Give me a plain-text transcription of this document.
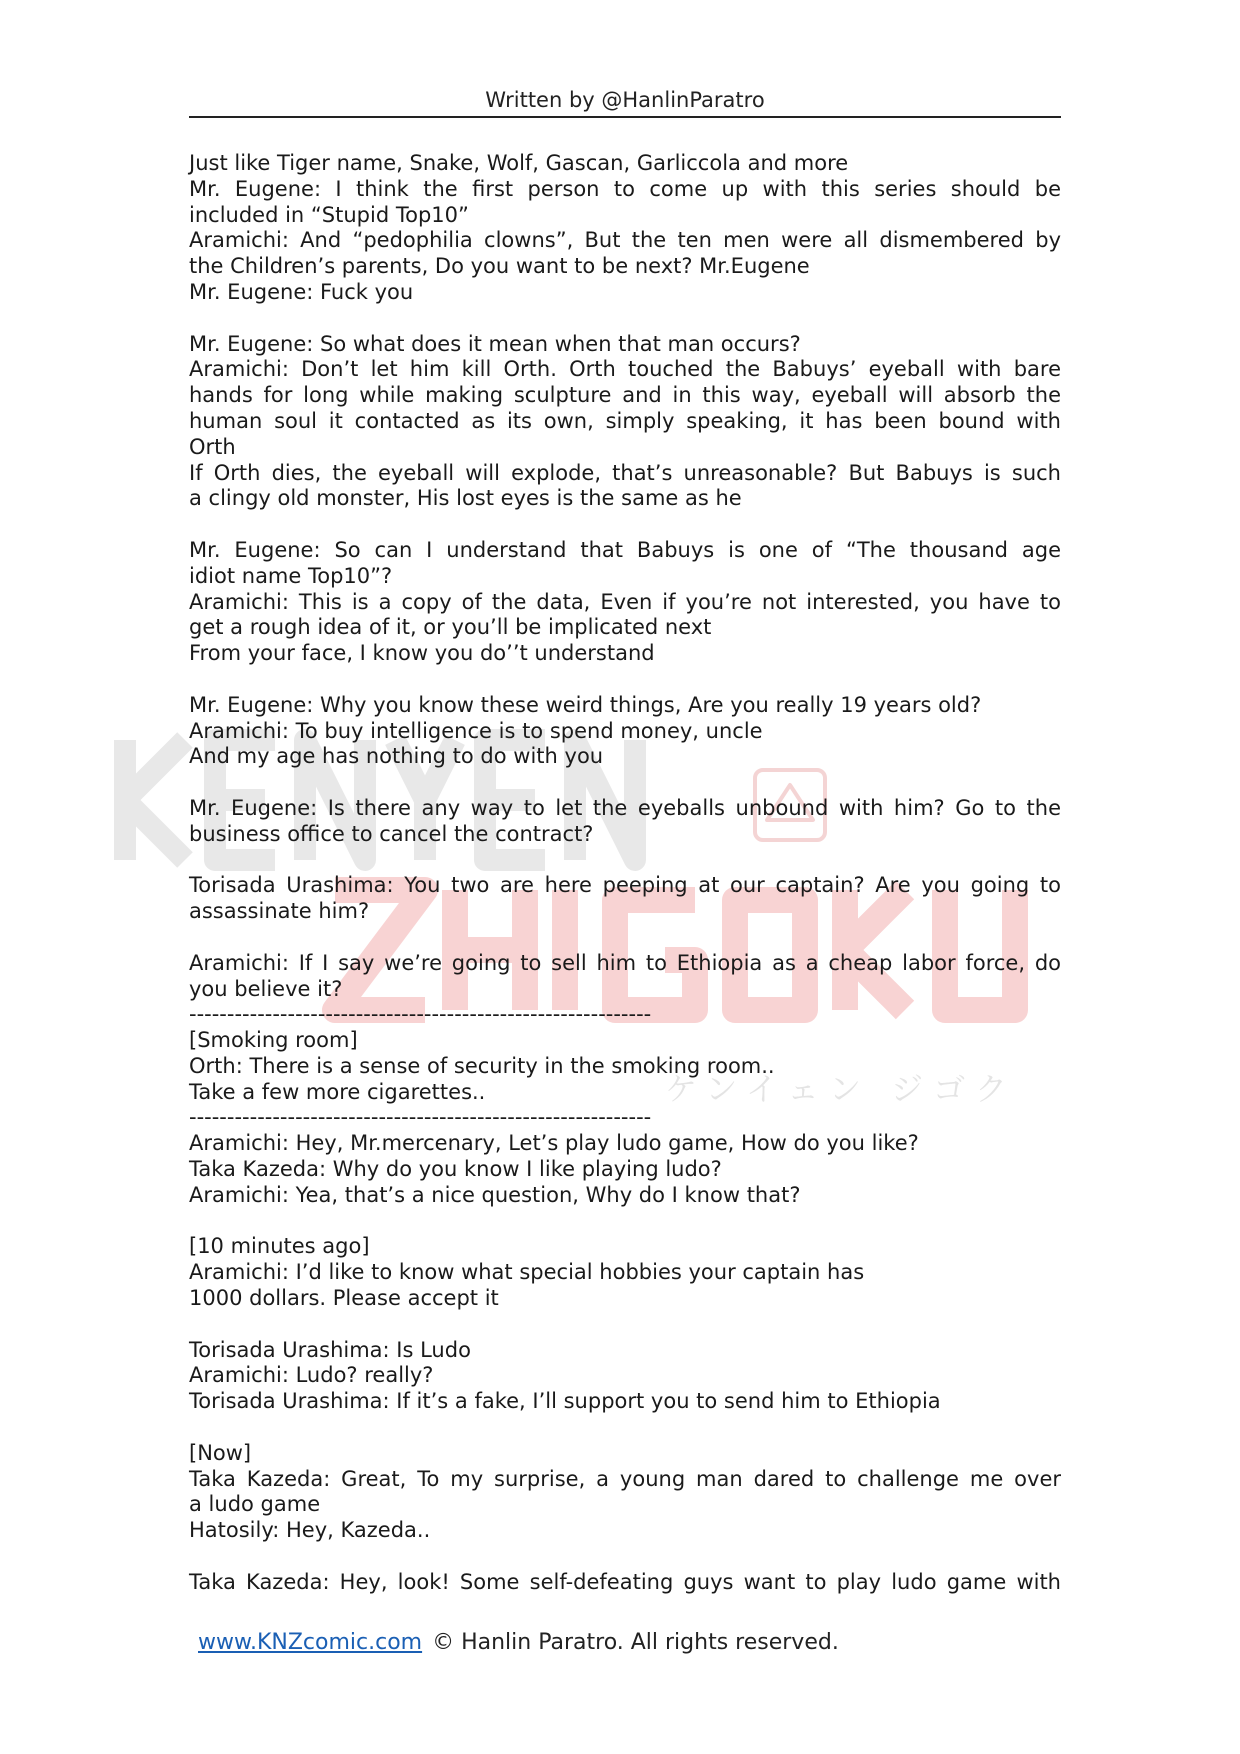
Written by @HanlinParatro
ケンイェン ジゴク
Just like Tiger name, Snake, Wolf, Gascan, Garliccola and more
Mr. Eugene: I think the first person to come up with this series should be
included in “Stupid Top10”
Aramichi: And “pedophilia clowns”, But the ten men were all dismembered by
the Children’s parents, Do you want to be next? Mr.Eugene
Mr. Eugene: Fuck you
Mr. Eugene: So what does it mean when that man occurs?
Aramichi: Don’t let him kill Orth. Orth touched the Babuys’ eyeball with bare
hands for long while making sculpture and in this way, eyeball will absorb the
human soul it contacted as its own, simply speaking, it has been bound with
Orth
If Orth dies, the eyeball will explode, that’s unreasonable? But Babuys is such
a clingy old monster, His lost eyes is the same as he
Mr. Eugene: So can I understand that Babuys is one of “The thousand age
idiot name Top10”?
Aramichi: This is a copy of the data, Even if you’re not interested, you have to
get a rough idea of it, or you’ll be implicated next
From your face, I know you do’’t understand
Mr. Eugene: Why you know these weird things, Are you really 19 years old?
Aramichi: To buy intelligence is to spend money, uncle
And my age has nothing to do with you
Mr. Eugene: Is there any way to let the eyeballs unbound with him? Go to the
business office to cancel the contract?
Torisada Urashima: You two are here peeping at our captain? Are you going to
assassinate him?
Aramichi: If I say we’re going to sell him to Ethiopia as a cheap labor force, do
you believe it?
-------------------------------------------------------------
[Smoking room]
Orth: There is a sense of security in the smoking room..
Take a few more cigarettes..
-------------------------------------------------------------
Aramichi: Hey, Mr.mercenary, Let’s play ludo game, How do you like?
Taka Kazeda: Why do you know I like playing ludo?
Aramichi: Yea, that’s a nice question, Why do I know that?
[10 minutes ago]
Aramichi: I’d like to know what special hobbies your captain has
1000 dollars. Please accept it
Torisada Urashima: Is Ludo
Aramichi: Ludo? really?
Torisada Urashima: If it’s a fake, I’ll support you to send him to Ethiopia
[Now]
Taka Kazeda: Great, To my surprise, a young man dared to challenge me over
a ludo game
Hatosily: Hey, Kazeda..
Taka Kazeda: Hey, look! Some self-defeating guys want to play ludo game with
www.KNZcomic.com © Hanlin Paratro. All rights reserved.
